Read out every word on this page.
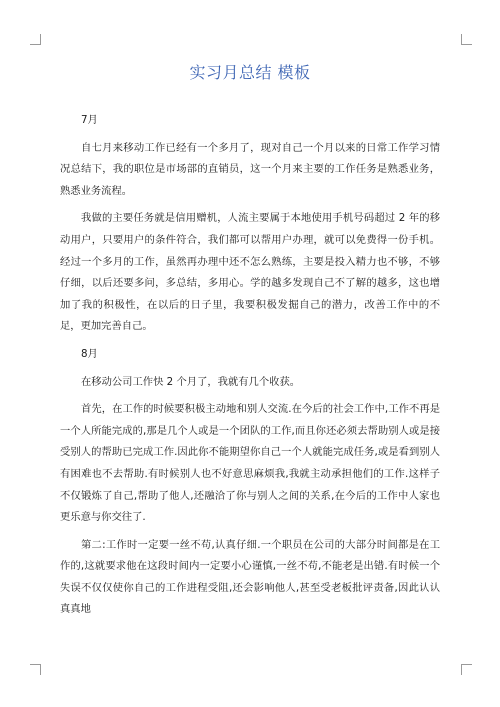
实习月总结 模板
7月

自七月来移动工作已经有一个多月了，现对自己一个月以来的日常工作学习情况总结下，我的职位是市场部的直销员，这一个月来主要的工作任务是熟悉业务，熟悉业务流程。

我做的主要任务就是信用赠机，人流主要属于本地使用手机号码超过 2 年的移动用户，只要用户的条件符合，我们都可以帮用户办理，就可以免费得一份手机。经过一个多月的工作，虽然再办理中还不怎么熟练，主要是投入精力也不够，不够仔细，以后还要多问，多总结，多用心。学的越多发现自己不了解的越多，这也增加了我的积极性，在以后的日子里，我要积极发掘自己的潜力，改善工作中的不足，更加完善自己。

8月

在移动公司工作快 2 个月了，我就有几个收获。

首先，在工作的时候要积极主动地和别人交流.在今后的社会工作中,工作不再是一个人所能完成的,那是几个人或是一个团队的工作,而且你还必须去帮助别人或是接受别人的帮助已完成工作.因此你不能期望你自己一个人就能完成任务,或是看到别人有困难也不去帮助.有时候别人也不好意思麻烦我,我就主动承担他们的工作.这样子不仅锻炼了自己,帮助了他人,还融洽了你与别人之间的关系,在今后的工作中人家也更乐意与你交往了.

第二:工作时一定要一丝不苟,认真仔细.一个职员在公司的大部分时间都是在工作的,这就要求他在这段时间内一定要小心谨慎,一丝不苟,不能老是出错.有时候一个失误不仅仅使你自己的工作进程受阻,还会影响他人,甚至受老板批评责备,因此认认真真地
